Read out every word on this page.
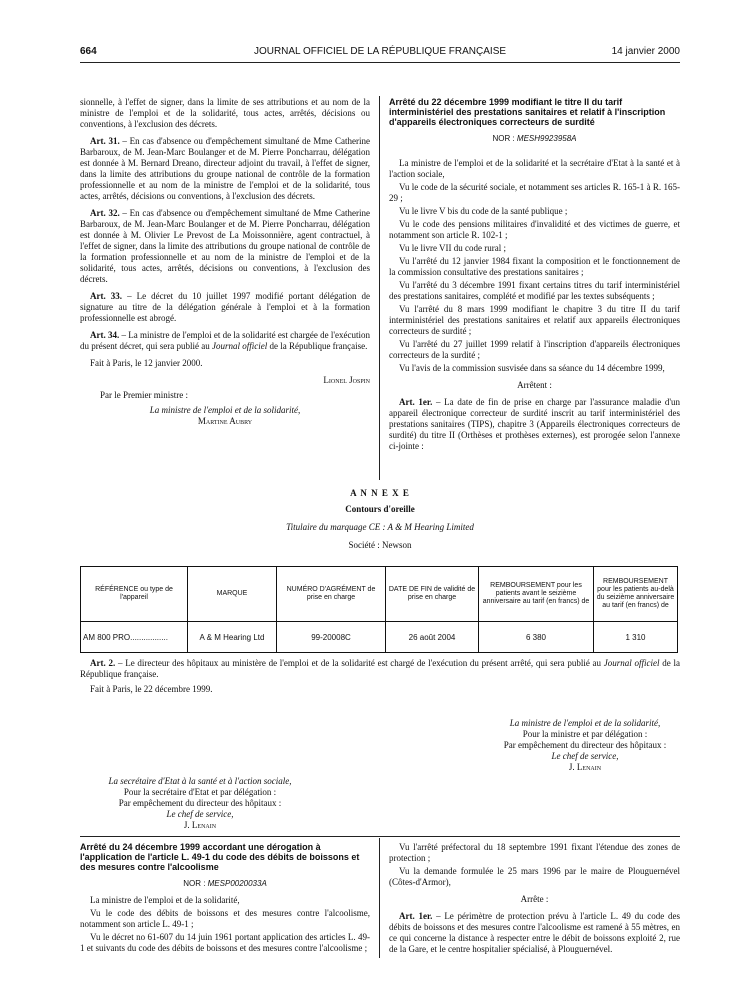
664	JOURNAL OFFICIEL DE LA RÉPUBLIQUE FRANÇAISE	14 janvier 2000

sionnelle, à l'effet de signer, dans la limite de ses attributions et au nom de la ministre de l'emploi et de la solidarité, tous actes, arrêtés, décisions ou conventions, à l'exclusion des décrets.

Art. 31. – En cas d'absence ou d'empêchement simultané de Mme Catherine Barbaroux, de M. Jean-Marc Boulanger et de M. Pierre Poncharrau, délégation est donnée à M. Bernard Dreano, directeur adjoint du travail, à l'effet de signer, dans la limite des attributions du groupe national de contrôle de la formation professionnelle et au nom de la ministre de l'emploi et de la solidarité, tous actes, arrêtés, décisions ou conventions, à l'exclusion des décrets.

Art. 32. – En cas d'absence ou d'empêchement simultané de Mme Catherine Barbaroux, de M. Jean-Marc Boulanger et de M. Pierre Poncharrau, délégation est donnée à M. Olivier Le Prevost de La Moissonnière, agent contractuel, à l'effet de signer, dans la limite des attributions du groupe national de contrôle de la formation professionnelle et au nom de la ministre de l'emploi et de la solidarité, tous actes, arrêtés, décisions ou conventions, à l'exclusion des décrets.

Art. 33. – Le décret du 10 juillet 1997 modifié portant délégation de signature au titre de la délégation générale à l'emploi et à la formation professionnelle est abrogé.

Art. 34. – La ministre de l'emploi et de la solidarité est chargée de l'exécution du présent décret, qui sera publié au Journal officiel de la République française.

Fait à Paris, le 12 janvier 2000.

Lionel Jospin
Par le Premier ministre :
La ministre de l'emploi et de la solidarité,
Martine Aubry
Arrêté du 22 décembre 1999 modifiant le titre II du tarif interministériel des prestations sanitaires et relatif à l'inscription d'appareils électroniques correcteurs de surdité
NOR : MESH9923958A

La ministre de l'emploi et de la solidarité et la secrétaire d'Etat à la santé et à l'action sociale,

Vu le code de la sécurité sociale, et notamment ses articles R. 165-1 à R. 165-29 ;

Vu le livre V bis du code de la santé publique ;

Vu le code des pensions militaires d'invalidité et des victimes de guerre, et notamment son article R. 102-1 ;

Vu le livre VII du code rural ;

Vu l'arrêté du 12 janvier 1984 fixant la composition et le fonctionnement de la commission consultative des prestations sanitaires ;

Vu l'arrêté du 3 décembre 1991 fixant certains titres du tarif interministériel des prestations sanitaires, complété et modifié par les textes subséquents ;

Vu l'arrêté du 8 mars 1999 modifiant le chapitre 3 du titre II du tarif interministériel des prestations sanitaires et relatif aux appareils électroniques correcteurs de surdité ;

Vu l'arrêté du 27 juillet 1999 relatif à l'inscription d'appareils électroniques correcteurs de la surdité ;

Vu l'avis de la commission susvisée dans sa séance du 14 décembre 1999,

Arrêtent :

Art. 1er. – La date de fin de prise en charge par l'assurance maladie d'un appareil électronique correcteur de surdité inscrit au tarif interministériel des prestations sanitaires (TIPS), chapitre 3 (Appareils électroniques correcteurs de surdité) du titre II (Orthèses et prothèses externes), est prorogée selon l'annexe ci-jointe :

A N N E X E
Contours d'oreille
Titulaire du marquage CE : A & M Hearing Limited
Société : Newson
RÉFÉRENCE ou type de l'appareil	MARQUE	NUMÉRO D'AGRÉMENT de prise en charge	DATE DE FIN de validité de prise en charge	REMBOURSEMENT pour les patients avant le seizième anniversaire au tarif (en francs) de	REMBOURSEMENT pour les patients au-delà du seizième anniversaire au tarif (en francs) de
AM 800 PRO.................	A & M Hearing Ltd	99-20008C	26 août 2004	6 380	1 310

Art. 2. – Le directeur des hôpitaux au ministère de l'emploi et de la solidarité est chargé de l'exécution du présent arrêté, qui sera publié au Journal officiel de la République française.

Fait à Paris, le 22 décembre 1999.

La ministre de l'emploi et de la solidarité,
Pour la ministre et par délégation :
Par empêchement du directeur des hôpitaux :
Le chef de service,
J. Lenain
La secrétaire d'Etat à la santé et à l'action sociale,
Pour la secrétaire d'Etat et par délégation :
Par empêchement du directeur des hôpitaux :
Le chef de service,
J. Lenain
Arrêté du 24 décembre 1999 accordant une dérogation à l'application de l'article L. 49-1 du code des débits de boissons et des mesures contre l'alcoolisme
NOR : MESP0020033A

La ministre de l'emploi et de la solidarité,

Vu le code des débits de boissons et des mesures contre l'alcoolisme, notamment son article L. 49-1 ;

Vu le décret no 61-607 du 14 juin 1961 portant application des articles L. 49-1 et suivants du code des débits de boissons et des mesures contre l'alcoolisme ;

Vu l'arrêté préfectoral du 18 septembre 1991 fixant l'étendue des zones de protection ;

Vu la demande formulée le 25 mars 1996 par le maire de Plouguernével (Côtes-d'Armor),

Arrête :

Art. 1er. – Le périmètre de protection prévu à l'article L. 49 du code des débits de boissons et des mesures contre l'alcoolisme est ramené à 55 mètres, en ce qui concerne la distance à respecter entre le débit de boissons exploité 2, rue de la Gare, et le centre hospitalier spécialisé, à Plouguernével.
